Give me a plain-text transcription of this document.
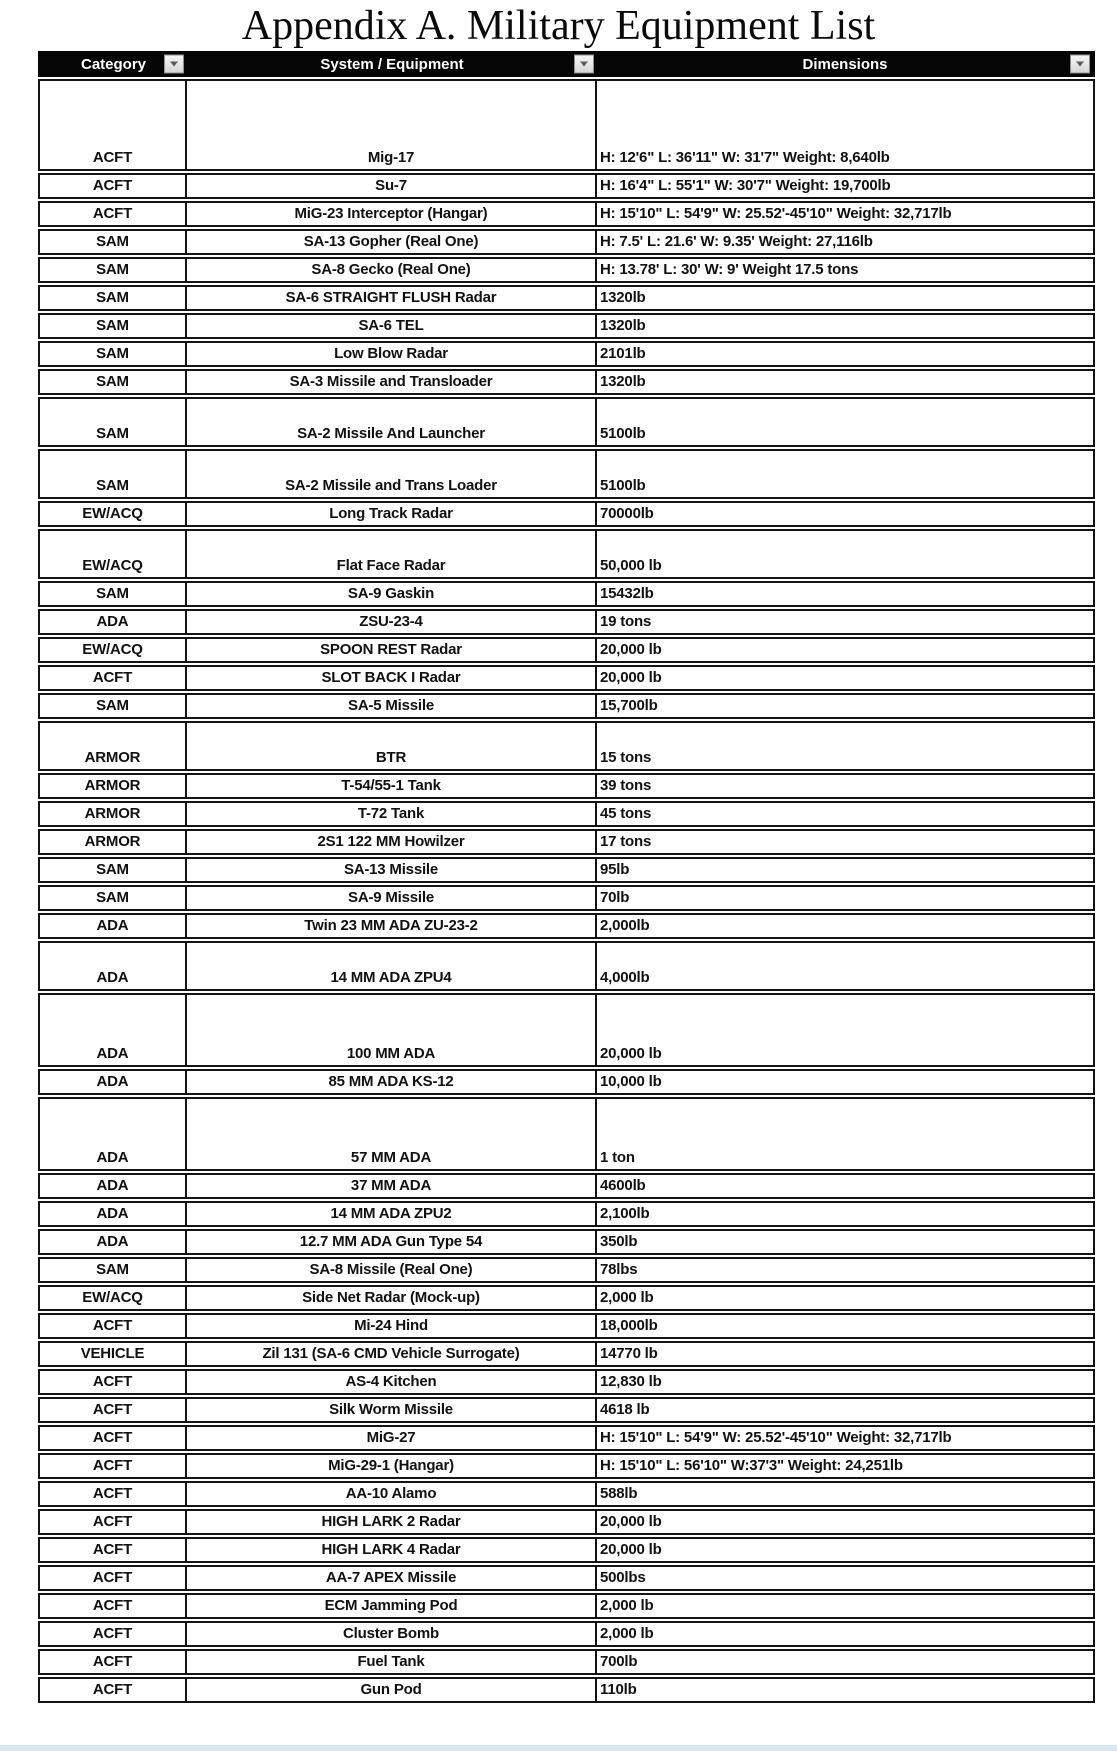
Appendix A. Military Equipment List
Category	System / Equipment	Dimensions
ACFT	Mig-17	H: 12'6" L: 36'11" W: 31'7" Weight: 8,640lb
ACFT	Su-7	H: 16'4" L: 55'1" W: 30'7" Weight: 19,700lb
ACFT	MiG-23 Interceptor (Hangar)	H: 15'10" L: 54'9" W: 25.52'-45'10" Weight: 32,717lb
SAM	SA-13 Gopher (Real One)	H: 7.5' L: 21.6' W: 9.35' Weight: 27,116lb
SAM	SA-8 Gecko (Real One)	H: 13.78' L: 30' W: 9' Weight 17.5 tons
SAM	SA-6 STRAIGHT FLUSH Radar	1320lb
SAM	SA-6 TEL	1320lb
SAM	Low Blow Radar	2101lb
SAM	SA-3 Missile and Transloader	1320lb
SAM	SA-2 Missile And Launcher	5100lb
SAM	SA-2 Missile and Trans Loader	5100lb
EW/ACQ	Long Track Radar	70000lb
EW/ACQ	Flat Face Radar	50,000 lb
SAM	SA-9 Gaskin	15432lb
ADA	ZSU-23-4	19 tons
EW/ACQ	SPOON REST Radar	20,000 lb
ACFT	SLOT BACK I Radar	20,000 lb
SAM	SA-5 Missile	15,700lb
ARMOR	BTR	15 tons
ARMOR	T-54/55-1 Tank	39 tons
ARMOR	T-72 Tank	45 tons
ARMOR	2S1 122 MM Howilzer	17 tons
SAM	SA-13 Missile	95lb
SAM	SA-9 Missile	70lb
ADA	Twin 23 MM ADA ZU-23-2	2,000lb
ADA	14 MM ADA ZPU4	4,000lb
ADA	100 MM ADA	20,000 lb
ADA	85 MM ADA KS-12	10,000 lb
ADA	57 MM ADA	1 ton
ADA	37 MM ADA	4600lb
ADA	14 MM ADA ZPU2	2,100lb
ADA	12.7 MM ADA Gun Type 54	350lb
SAM	SA-8 Missile (Real One)	78lbs
EW/ACQ	Side Net Radar (Mock-up)	2,000 lb
ACFT	Mi-24 Hind	18,000lb
VEHICLE	Zil 131 (SA-6 CMD Vehicle Surrogate)	14770 lb
ACFT	AS-4 Kitchen	12,830 lb
ACFT	Silk Worm Missile	4618 lb
ACFT	MiG-27	H: 15'10" L: 54'9" W: 25.52'-45'10" Weight: 32,717lb
ACFT	MiG-29-1 (Hangar)	H: 15'10" L: 56'10" W:37'3" Weight: 24,251lb
ACFT	AA-10 Alamo	588lb
ACFT	HIGH LARK 2 Radar	20,000 lb
ACFT	HIGH LARK 4 Radar	20,000 lb
ACFT	AA-7 APEX Missile	500lbs
ACFT	ECM Jamming Pod	2,000 lb
ACFT	Cluster Bomb	2,000 lb
ACFT	Fuel Tank	700lb
ACFT	Gun Pod	110lb
